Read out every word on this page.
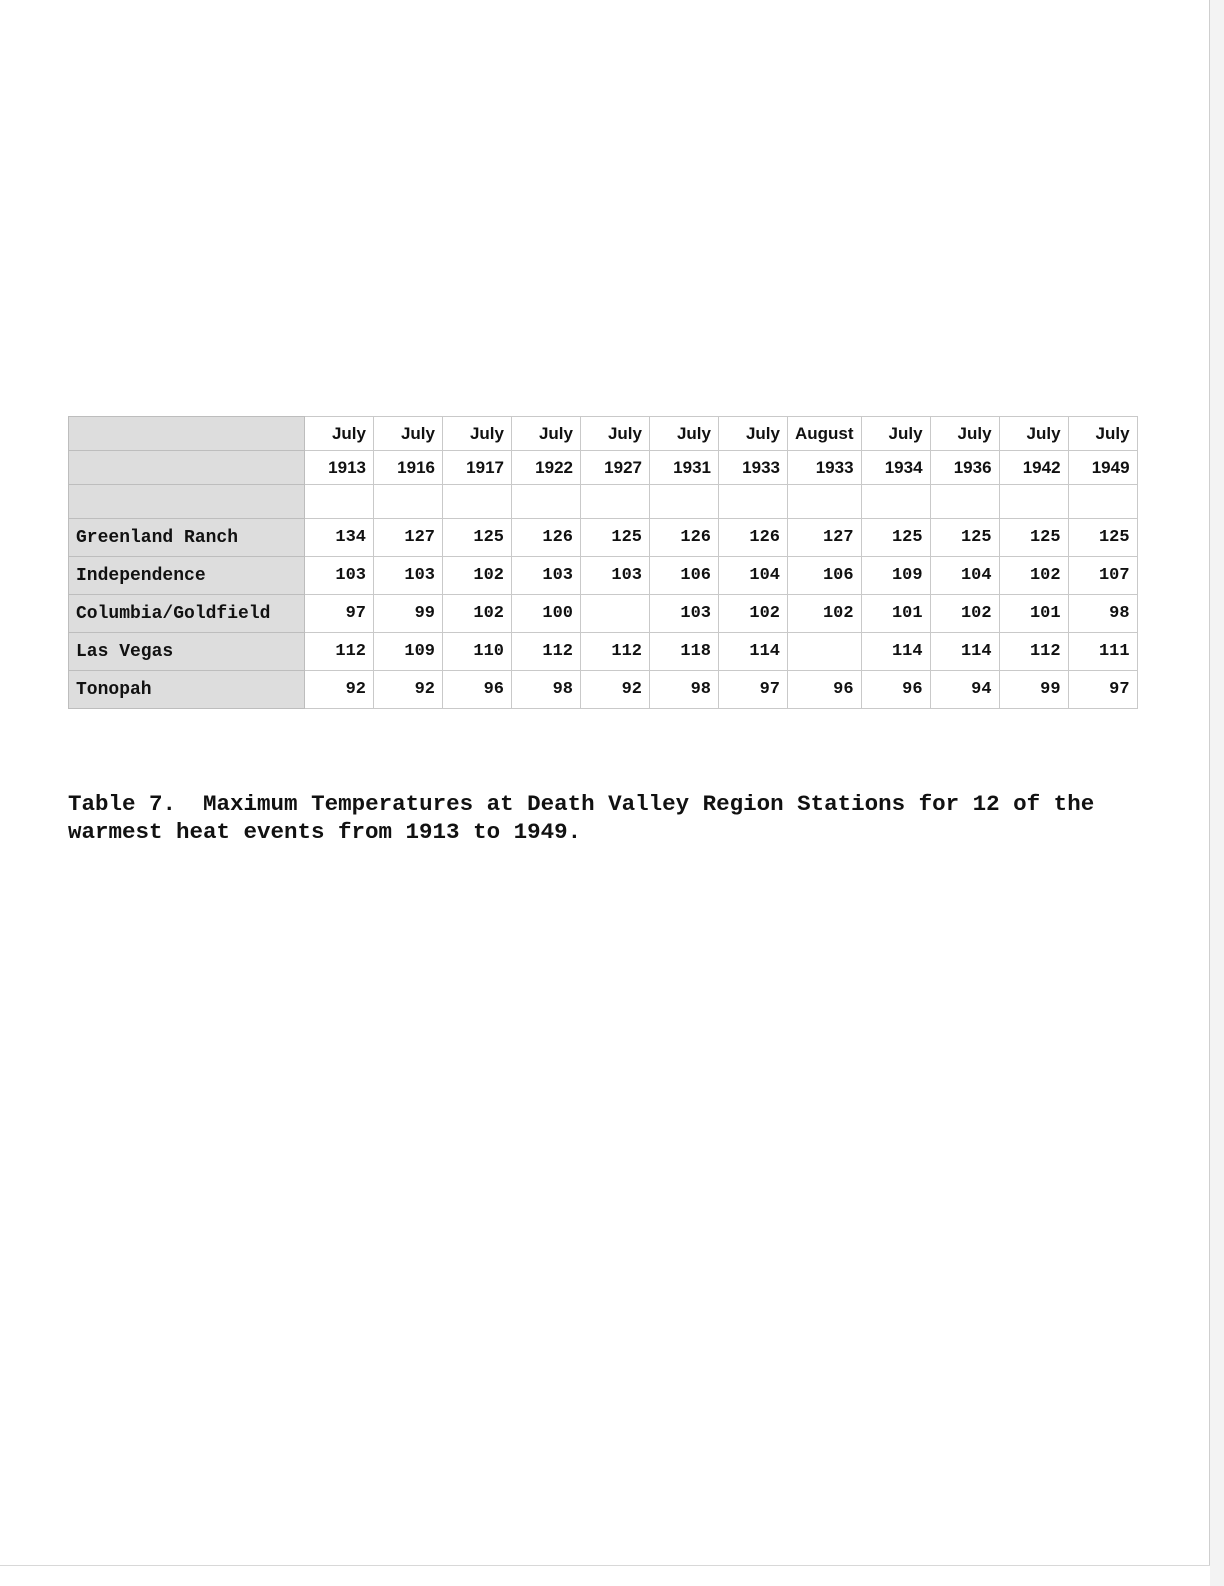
	July	July	July	July	July	July	July	August	July	July	July	July
	1913	1916	1917	1922	1927	1931	1933	1933	1934	1936	1942	1949

Greenland Ranch	134	127	125	126	125	126	126	127	125	125	125	125
Independence	103	103	102	103	103	106	104	106	109	104	102	107
Columbia/Goldfield	97	99	102	100		103	102	102	101	102	101	98
Las Vegas	112	109	110	112	112	118	114		114	114	112	111
Tonopah	92	92	96	98	92	98	97	96	96	94	99	97

Table 7. Maximum Temperatures at Death Valley Region Stations for 12 of the warmest heat events from 1913 to 1949.
